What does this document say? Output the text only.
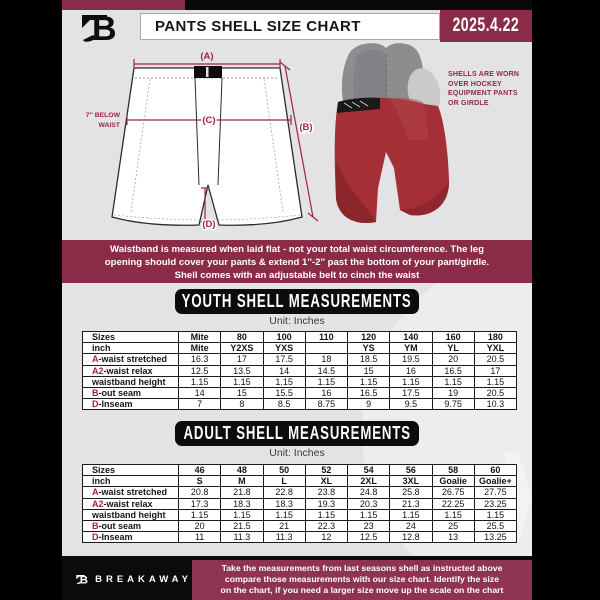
B	PANTS SHELL SIZE CHART	2025.4.22
(A)
(C)
(B)
(D)
7'' BELOW
WAIST
SHELLS ARE WORN
OVER HOCKEY
EQUIPMENT PANTS
OR GIRDLE
Waistband is measured when laid flat - not your total waist circumference. The leg
opening should cover your pants & extend 1''-2'' past the bottom of your pant/girdle.
Shell comes with an adjustable belt to cinch the waist
YOUTH SHELL MEASUREMENTS
Unit: Inches
Sizes	Mite	80	100	110	120	140	160	180
inch	Mite	Y2XS	YXS		YS	YM	YL	YXL
A-waist stretched	16.3	17	17.5	18	18.5	19.5	20	20.5
A2-waist relax	12.5	13.5	14	14.5	15	16	16.5	17
waistband height	1.15	1.15	1.15	1.15	1.15	1.15	1.15	1.15
B-out seam	14	15	15.5	16	16.5	17.5	19	20.5
D-Inseam	7	8	8.5	8.75	9	9.5	9.75	10.3
ADULT SHELL MEASUREMENTS
Unit: Inches
Sizes	46	48	50	52	54	56	58	60
inch	S	M	L	XL	2XL	3XL	Goalie	Goalie+
A-waist stretched	20.8	21.8	22.8	23.8	24.8	25.8	26.75	27.75
A2-waist relax	17.3	18.3	18.3	19.3	20.3	21.3	22.25	23.25
waistband height	1.15	1.15	1.15	1.15	1.15	1.15	1.15	1.15
B-out seam	20	21.5	21	22.3	23	24	25	25.5
D-Inseam	11	11.3	11.3	12	12.5	12.8	13	13.25
B BREAKAWAY
Take the measurements from last seasons shell as instructed above
compare those measurements with our size chart. Identify the size
on the chart, if you need a larger size move up the scale on the chart
